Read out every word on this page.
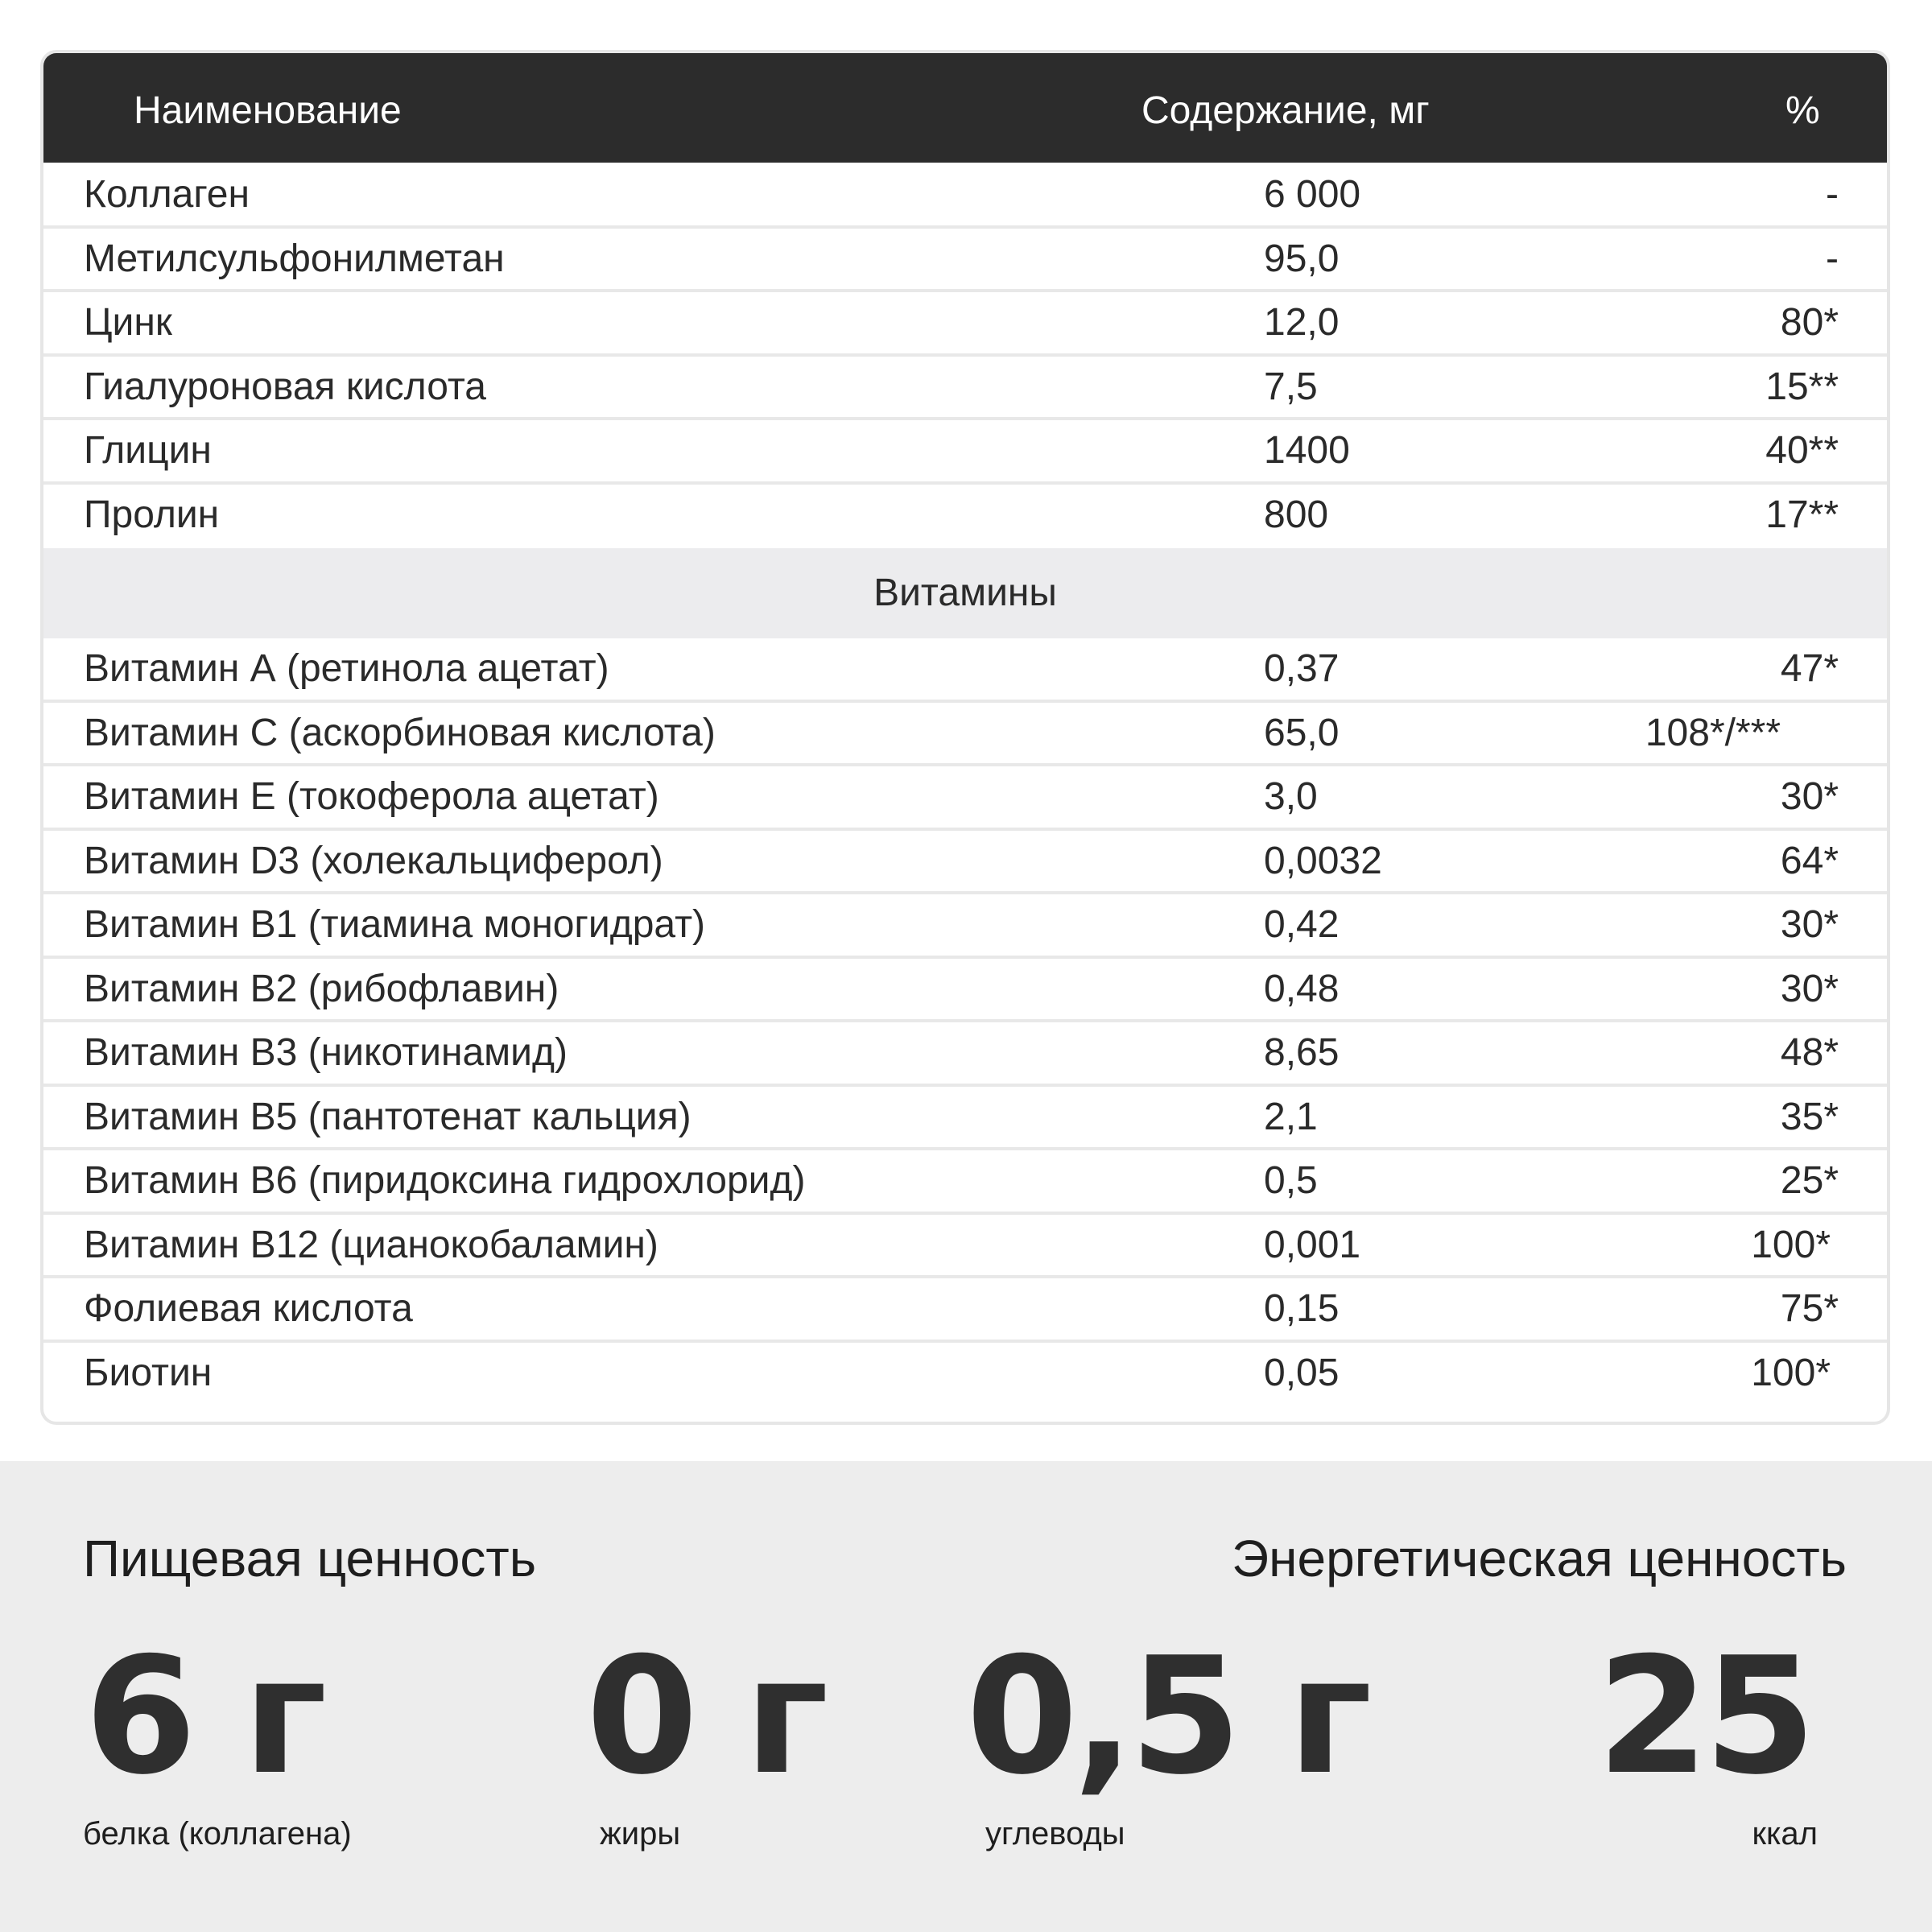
Наименование	Содержание, мг	%
Коллаген	6 000	-
Метилсульфонилметан	95,0	-
Цинк	12,0	80*
Гиалуроновая кислота	7,5	15**
Глицин	1400	40**
Пролин	800	17**
Витамины
Витамин А (ретинола ацетат)	0,37	47*
Витамин С (аскорбиновая кислота)	65,0	108*/***
Витамин Е (токоферола ацетат)	3,0	30*
Витамин D3 (холекальциферол)	0,0032	64*
Витамин В1 (тиамина моногидрат)	0,42	30*
Витамин В2 (рибофлавин)	0,48	30*
Витамин В3 (никотинамид)	8,65	48*
Витамин В5 (пантотенат кальция)	2,1	35*
Витамин В6 (пиридоксина гидрохлорид)	0,5	25*
Витамин В12 (цианокобаламин)	0,001	100*
Фолиевая кислота	0,15	75*
Биотин	0,05	100*
Пищевая ценность	Энергетическая ценность
6 г 0 г 0,5 г 25
белка (коллагена)	жиры	углеводы	ккал
